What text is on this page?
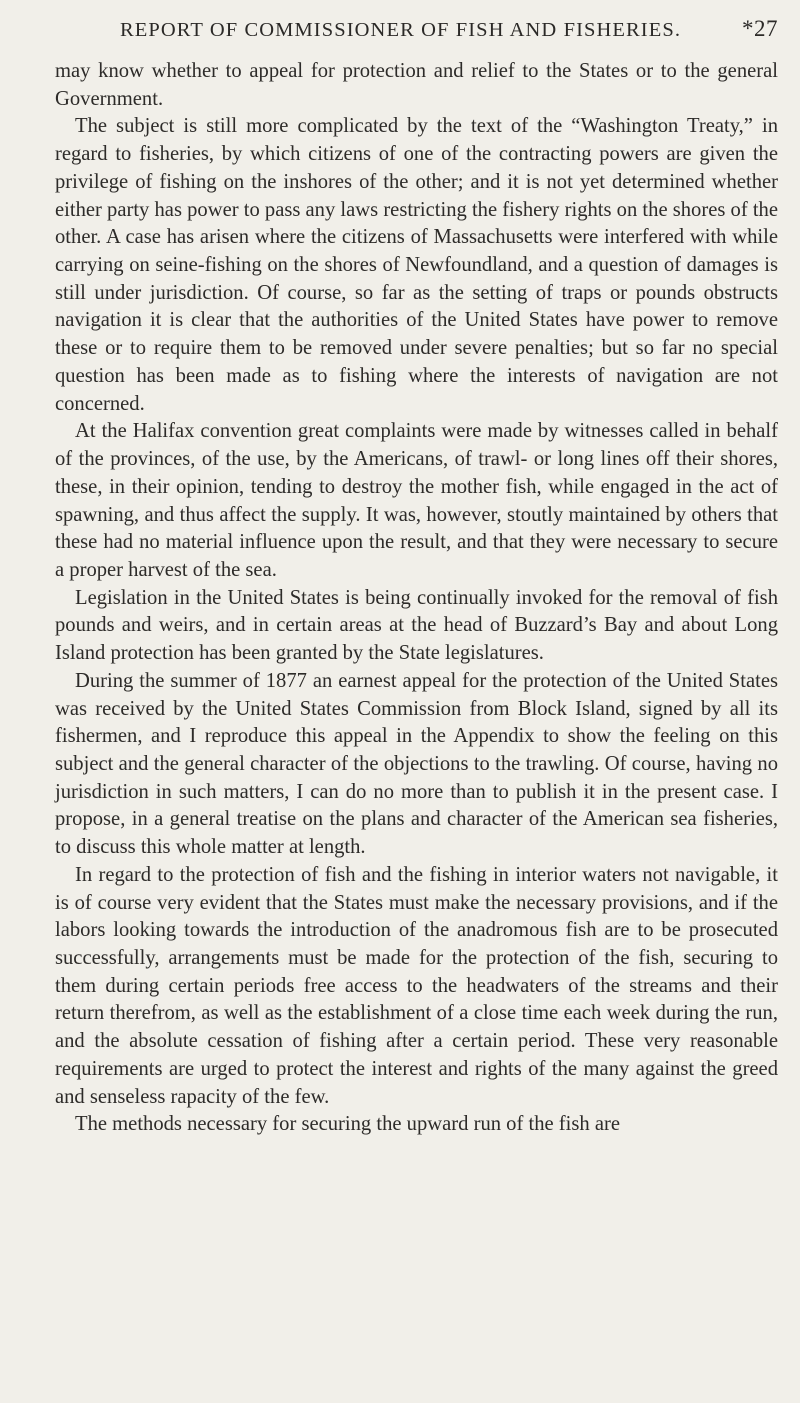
REPORT OF COMMISSIONER OF FISH AND FISHERIES.	*27

may know whether to appeal for protection and relief to the States or to the general Government.

The subject is still more complicated by the text of the “Washington Treaty,” in regard to fisheries, by which citizens of one of the contracting powers are given the privilege of fishing on the inshores of the other; and it is not yet determined whether either party has power to pass any laws restricting the fishery rights on the shores of the other. A case has arisen where the citizens of Massachusetts were interfered with while carrying on seine-fishing on the shores of Newfoundland, and a question of damages is still under jurisdiction. Of course, so far as the setting of traps or pounds obstructs navigation it is clear that the authorities of the United States have power to remove these or to require them to be removed under severe penalties; but so far no special question has been made as to fishing where the interests of navigation are not concerned.

At the Halifax convention great complaints were made by witnesses called in behalf of the provinces, of the use, by the Americans, of trawl- or long lines off their shores, these, in their opinion, tending to destroy the mother fish, while engaged in the act of spawning, and thus affect the supply. It was, however, stoutly maintained by others that these had no material influence upon the result, and that they were necessary to secure a proper harvest of the sea.

Legislation in the United States is being continually invoked for the removal of fish pounds and weirs, and in certain areas at the head of Buzzard’s Bay and about Long Island protection has been granted by the State legislatures.

During the summer of 1877 an earnest appeal for the protection of the United States was received by the United States Commission from Block Island, signed by all its fishermen, and I reproduce this appeal in the Appendix to show the feeling on this subject and the general character of the objections to the trawling. Of course, having no jurisdiction in such matters, I can do no more than to publish it in the present case. I propose, in a general treatise on the plans and character of the American sea fisheries, to discuss this whole matter at length.

In regard to the protection of fish and the fishing in interior waters not navigable, it is of course very evident that the States must make the necessary provisions, and if the labors looking towards the introduction of the anadromous fish are to be prosecuted successfully, arrangements must be made for the protection of the fish, securing to them during certain periods free access to the headwaters of the streams and their return therefrom, as well as the establishment of a close time each week during the run, and the absolute cessation of fishing after a certain period. These very reasonable requirements are urged to protect the interest and rights of the many against the greed and senseless rapacity of the few.

The methods necessary for securing the upward run of the fish are
